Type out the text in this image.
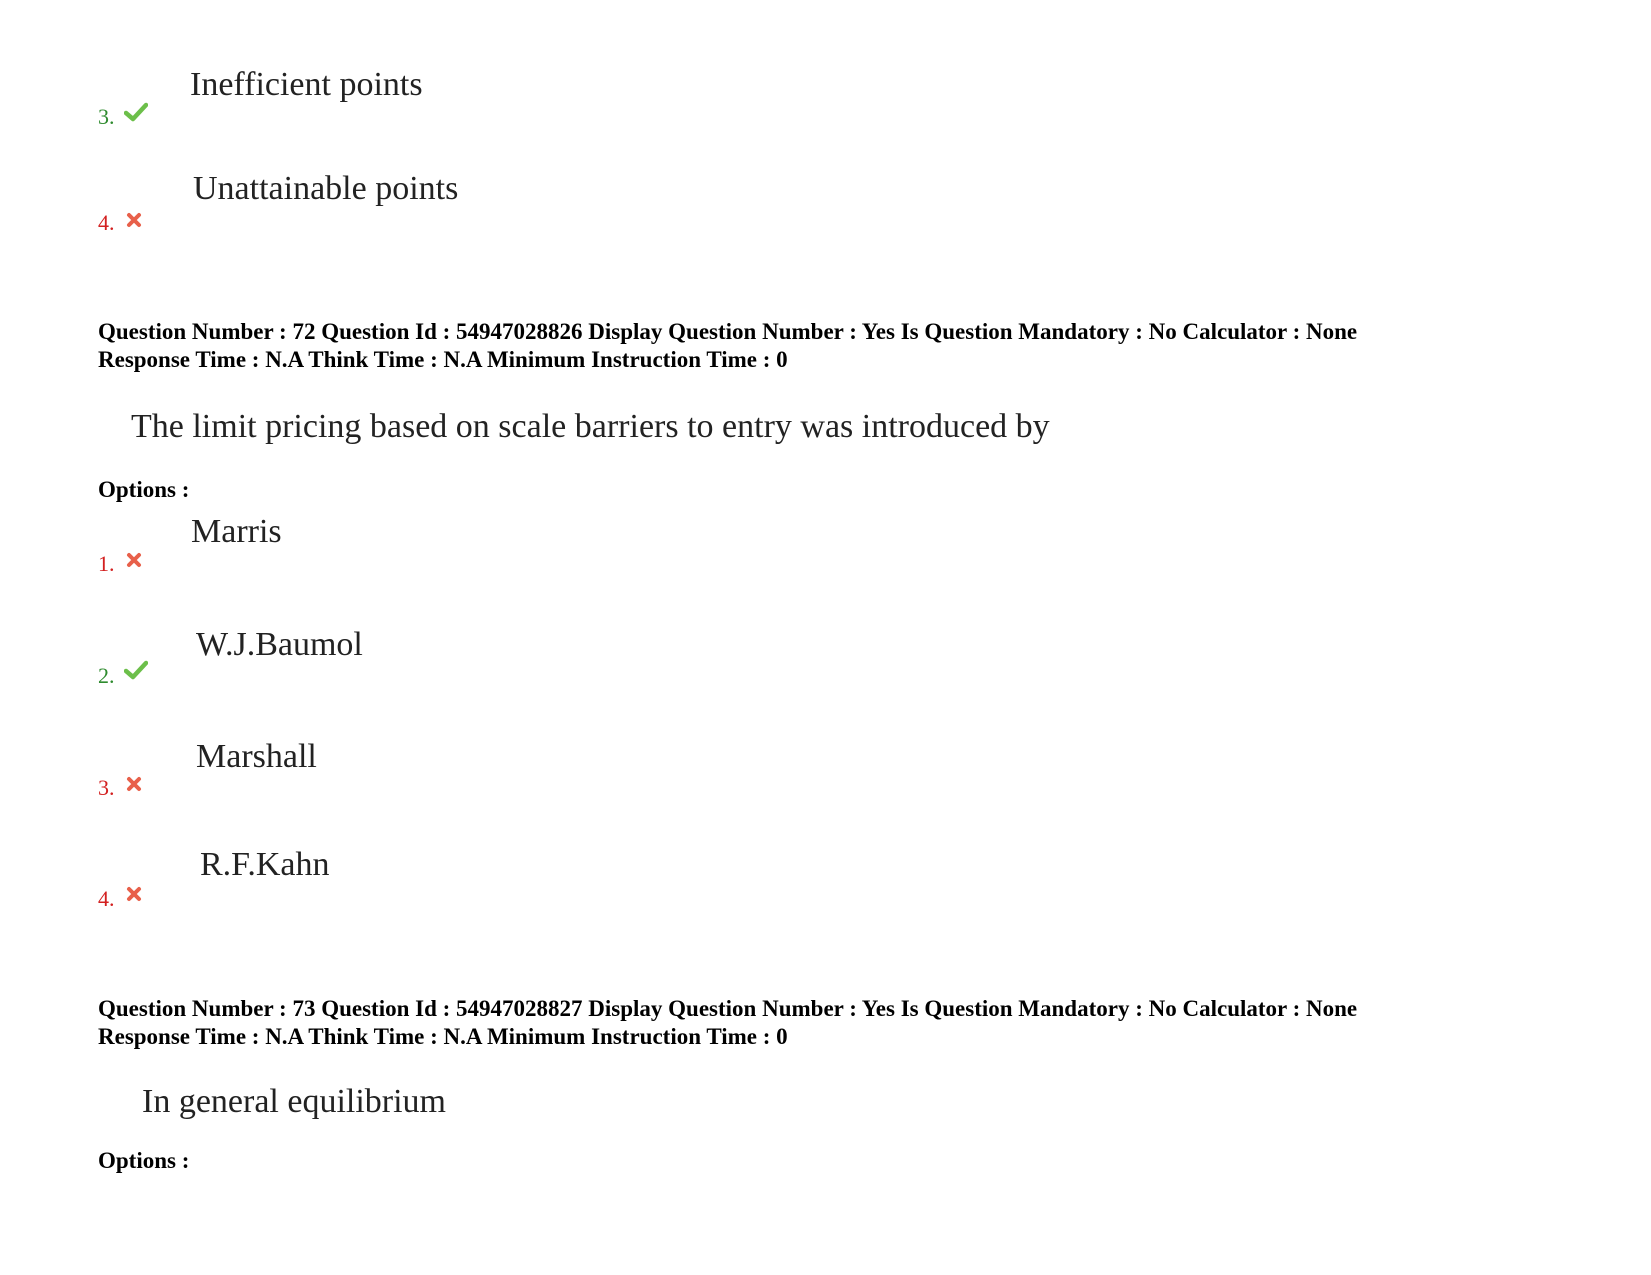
3.
Inefficient points
4.
Unattainable points
Question Number : 72 Question Id : 54947028826 Display Question Number : Yes Is Question Mandatory : No Calculator : None
Response Time : N.A Think Time : N.A Minimum Instruction Time : 0
The limit pricing based on scale barriers to entry was introduced by
Options :
1.
Marris
2.
W.J.Baumol
3.
Marshall
4.
R.F.Kahn
Question Number : 73 Question Id : 54947028827 Display Question Number : Yes Is Question Mandatory : No Calculator : None
Response Time : N.A Think Time : N.A Minimum Instruction Time : 0
In general equilibrium
Options :
